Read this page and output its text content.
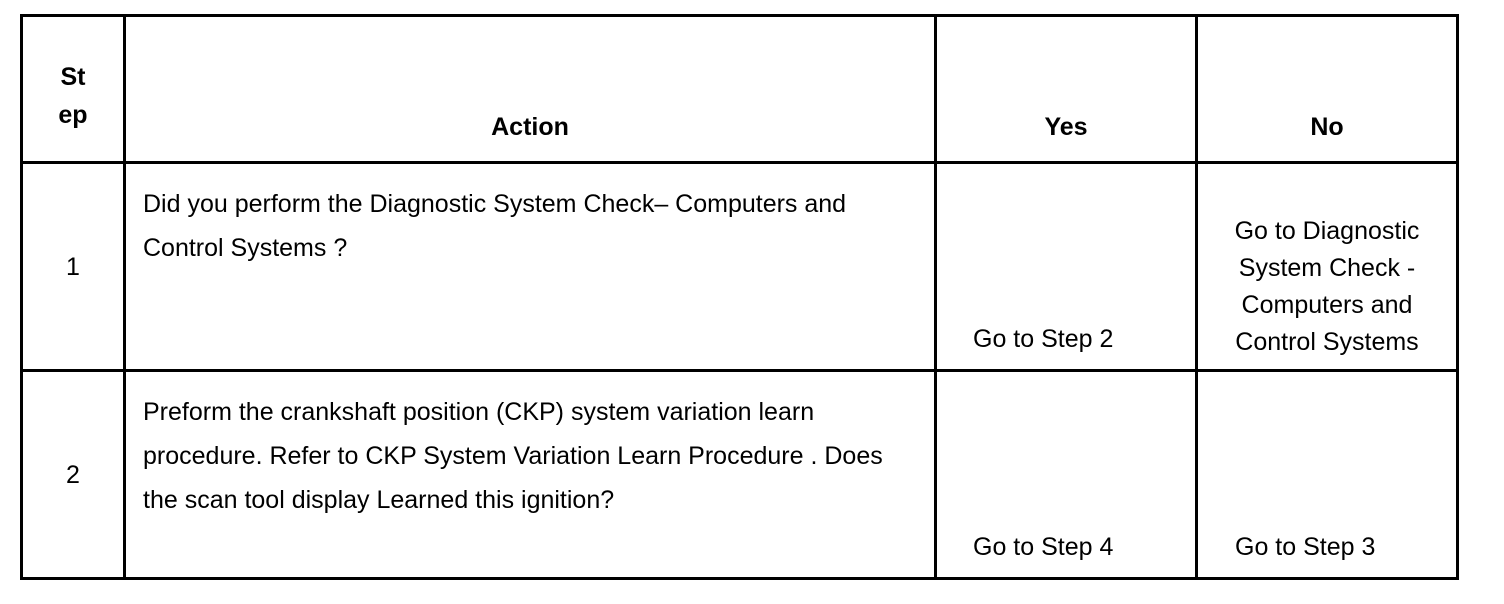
Step	Action	Yes	No
1	Did you perform the Diagnostic System Check– Computers and Control Systems ?	Go to Step 2	Go to Diagnostic System Check - Computers and Control Systems
2	Preform the crankshaft position (CKP) system variation learn procedure. Refer to CKP System Variation Learn Procedure . Does the scan tool display Learned this ignition?	Go to Step 4	Go to Step 3
